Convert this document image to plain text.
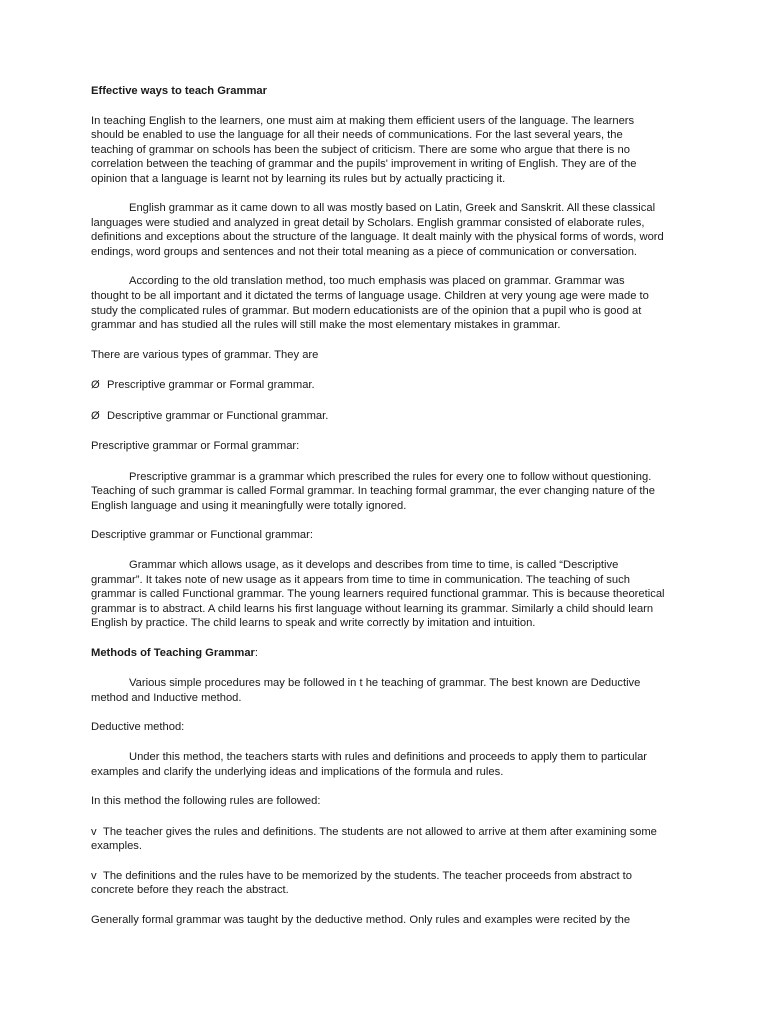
Effective ways to teach Grammar

In teaching English to the learners, one must aim at making them efficient users of the language. The learners should be enabled to use the language for all their needs of communications. For the last several years, the teaching of grammar on schools has been the subject of criticism. There are some who argue that there is no correlation between the teaching of grammar and the pupils' improvement in writing of English. They are of the opinion that a language is learnt not by learning its rules but by actually practicing it.

English grammar as it came down to all was mostly based on Latin, Greek and Sanskrit. All these classical languages were studied and analyzed in great detail by Scholars. English grammar consisted of elaborate rules, definitions and exceptions about the structure of the language. It dealt mainly with the physical forms of words, word endings, word groups and sentences and not their total meaning as a piece of communication or conversation.

According to the old translation method, too much emphasis was placed on grammar. Grammar was thought to be all important and it dictated the terms of language usage. Children at very young age were made to study the complicated rules of grammar. But modern educationists are of the opinion that a pupil who is good at grammar and has studied all the rules will still make the most elementary mistakes in grammar.

There are various types of grammar. They are

Ø Prescriptive grammar or Formal grammar.

Ø Descriptive grammar or Functional grammar.

Prescriptive grammar or Formal grammar:

Prescriptive grammar is a grammar which prescribed the rules for every one to follow without questioning. Teaching of such grammar is called Formal grammar. In teaching formal grammar, the ever changing nature of the English language and using it meaningfully were totally ignored.

Descriptive grammar or Functional grammar:

Grammar which allows usage, as it develops and describes from time to time, is called “Descriptive grammar”. It takes note of new usage as it appears from time to time in communication. The teaching of such grammar is called Functional grammar. The young learners required functional grammar. This is because theoretical grammar is to abstract. A child learns his first language without learning its grammar. Similarly a child should learn English by practice. The child learns to speak and write correctly by imitation and intuition.

Methods of Teaching Grammar:

Various simple procedures may be followed in t he teaching of grammar. The best known are Deductive method and Inductive method.

Deductive method:

Under this method, the teachers starts with rules and definitions and proceeds to apply them to particular examples and clarify the underlying ideas and implications of the formula and rules.

In this method the following rules are followed:

v The teacher gives the rules and definitions. The students are not allowed to arrive at them after examining some examples.

v The definitions and the rules have to be memorized by the students. The teacher proceeds from abstract to concrete before they reach the abstract.

Generally formal grammar was taught by the deductive method. Only rules and examples were recited by the
